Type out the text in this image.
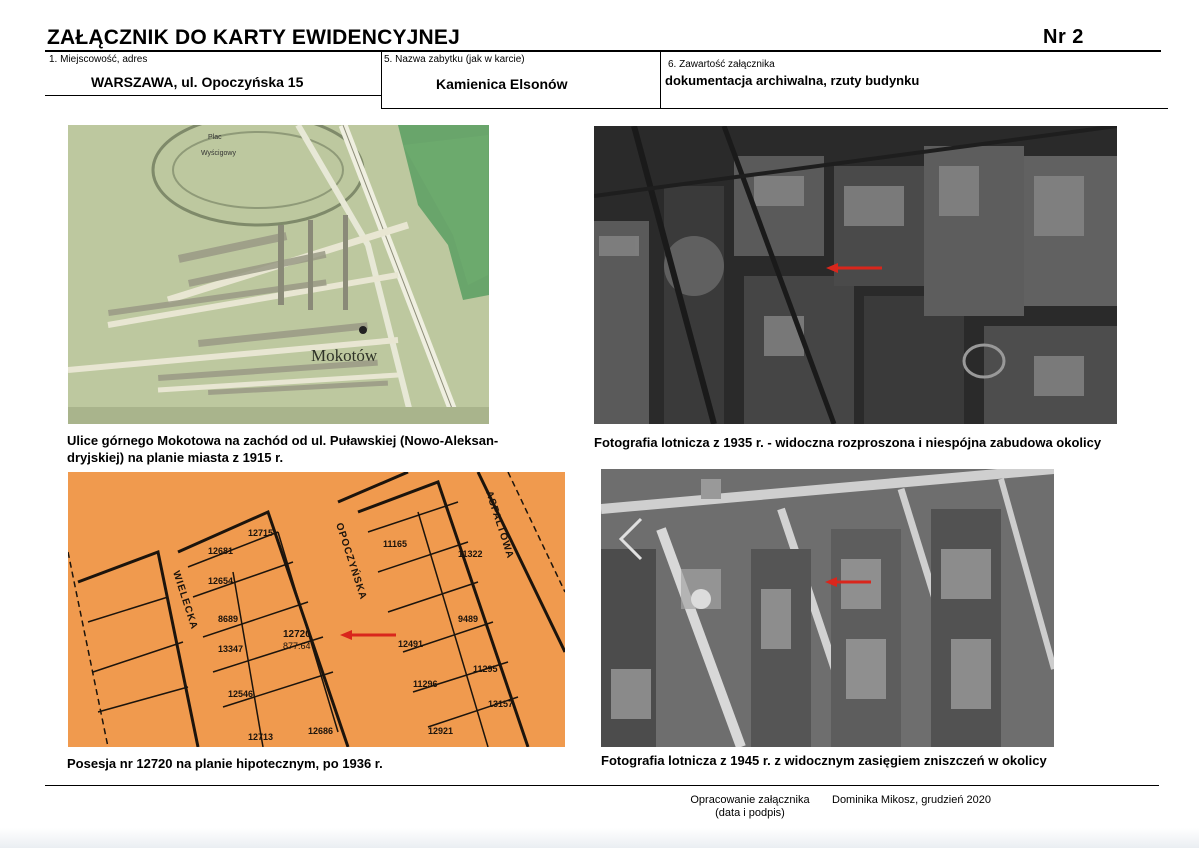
ZAŁĄCZNIK DO KARTY EWIDENCYJNEJ	Nr 2
1. Miejscowość, adres
WARSZAWA, ul. Opoczyńska 15
5. Nazwa zabytku (jak w karcie)
Kamienica Elsonów
6. Zawartość załącznika
dokumentacja archiwalna, rzuty budynku
Mokotów
Plac
Wyścigowy
Ulice górnego Mokotowa na zachód od ul. Puławskiej (Nowo-Aleksan-
dryjskiej) na planie miasta z 1915 r.
Fotografia lotnicza z 1935 r. - widoczna rozproszona i niespójna zabudowa okolicy
12681
12715
12654
8689
13347
12546
12686
12713
11165
12491
11296
9489
11295
13157
12921
11322
12720
877.64
WIELECKA	OPOCZYŃSKA	ASFALTOWA
Posesja nr 12720 na planie hipotecznym, po 1936 r.	Fotografia lotnicza z 1945 r. z widocznym zasięgiem zniszczeń w okolicy
Opracowanie załącznika
(data i podpis)
Dominika Mikosz, grudzień 2020
